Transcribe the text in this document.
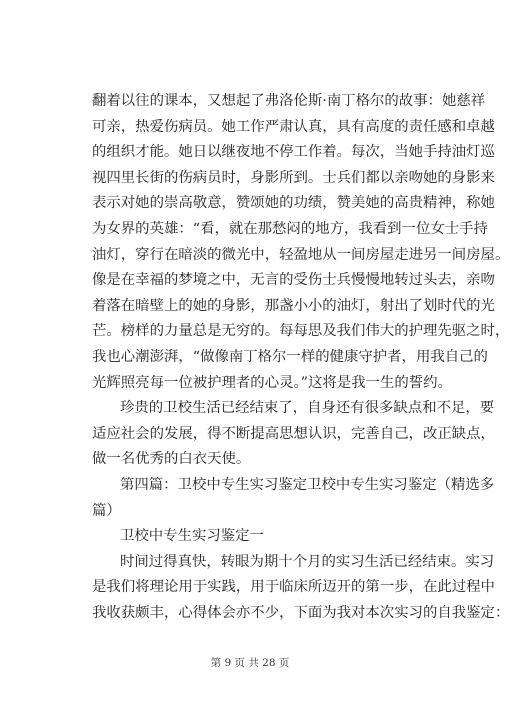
翻着以往的课本，又想起了弗洛伦斯·南丁格尔的故事：她慈祥
可亲，热爱伤病员。她工作严肃认真，具有高度的责任感和卓越
的组织才能。她日以继夜地不停工作着。每次，当她手持油灯巡
视四里长街的伤病员时，身影所到。士兵们都以亲吻她的身影来
表示对她的崇高敬意，赞颂她的功绩，赞美她的高贵精神，称她
为女界的英雄：“看，就在那愁闷的地方，我看到一位女士手持
油灯，穿行在暗淡的微光中，轻盈地从一间房屋走进另一间房屋。
像是在幸福的梦境之中，无言的受伤士兵慢慢地转过头去，亲吻
着落在暗壁上的她的身影，那盏小小的油灯，射出了划时代的光
芒。榜样的力量总是无穷的。每每思及我们伟大的护理先驱之时，
我也心潮澎湃，“做像南丁格尔一样的健康守护者，用我自己的
光辉照亮每一位被护理者的心灵。”这将是我一生的誓约。
珍贵的卫校生活已经结束了，自身还有很多缺点和不足，要
适应社会的发展，得不断提高思想认识，完善自己，改正缺点，
做一名优秀的白衣天使。
第四篇：卫校中专生实习鉴定卫校中专生实习鉴定（精选多
篇）
卫校中专生实习鉴定一
时间过得真快，转眼为期十个月的实习生活已经结束。实习
是我们将理论用于实践，用于临床所迈开的第一步，在此过程中
我收获颇丰，心得体会亦不少，下面为我对本次实习的自我鉴定：
第 9 页 共 28 页
